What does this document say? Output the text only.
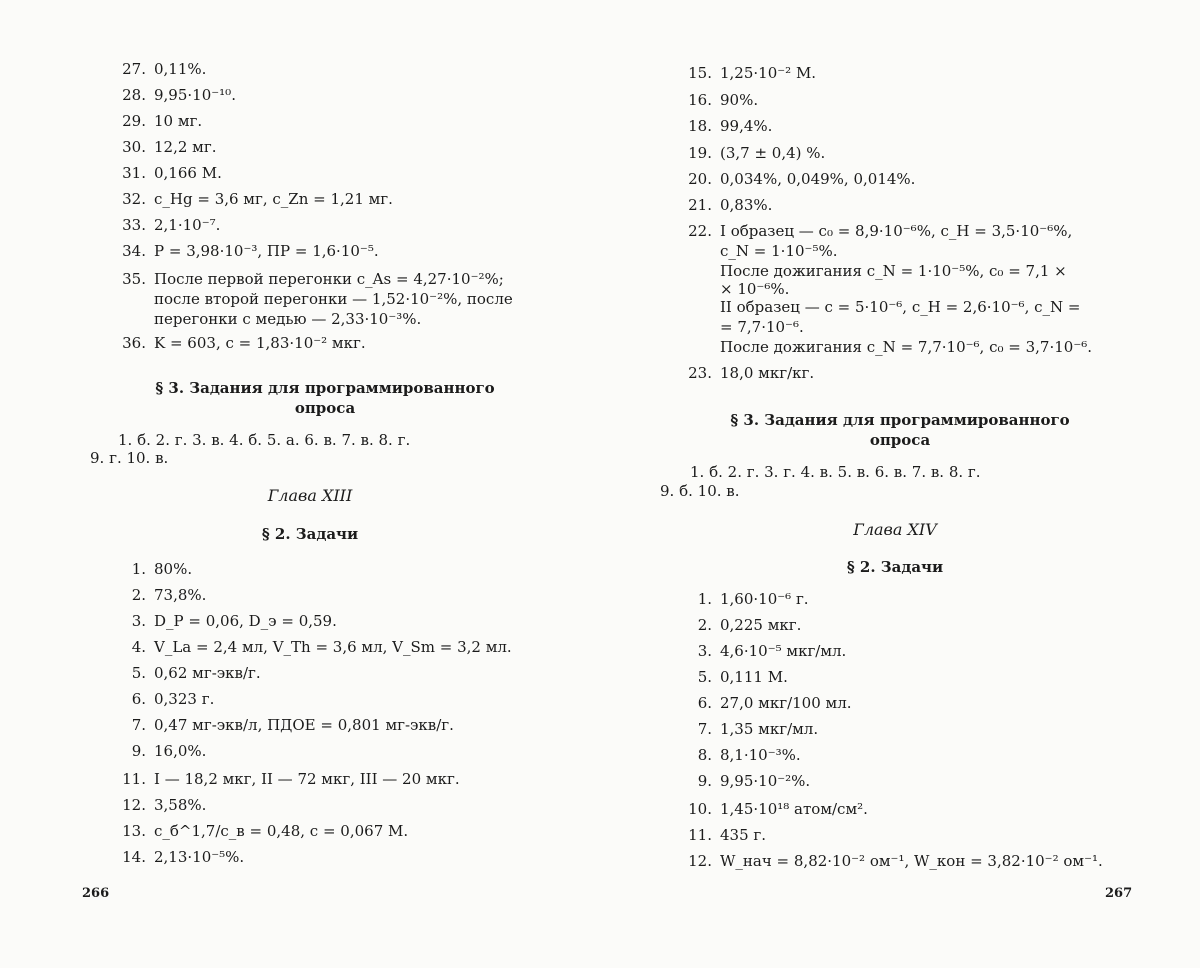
27. 0,11%.
28. 9,95·10⁻¹⁰.
29. 10 мг.
30. 12,2 мг.
31. 0,166 М.
32. c_Hg = 3,6 мг, c_Zn = 1,21 мг.
33. 2,1·10⁻⁷.
34. P = 3,98·10⁻³, ПР = 1,6·10⁻⁵.
35. После первой перегонки c_As = 4,27·10⁻²%;
после второй перегонки — 1,52·10⁻²%, после
перегонки с медью — 2,33·10⁻³%.
36. K = 603, c = 1,83·10⁻² мкг.
§ 3. Задания для программированного
опроса
1. б. 2. г. 3. в. 4. б. 5. а. 6. в. 7. в. 8. г.
9. г. 10. в.
Глава XIII
§ 2. Задачи
1. 80%.
2. 73,8%.
3. D_P = 0,06, D_э = 0,59.
4. V_La = 2,4 мл, V_Th = 3,6 мл, V_Sm = 3,2 мл.
5. 0,62 мг-экв/г.
6. 0,323 г.
7. 0,47 мг-экв/л, ПДОЕ = 0,801 мг-экв/г.
9. 16,0%.
11. I — 18,2 мкг, II — 72 мкг, III — 20 мкг.
12. 3,58%.
13. c_б^1,7/c_в = 0,48, c = 0,067 М.
14. 2,13·10⁻⁵%.
266
15. 1,25·10⁻² М.
16. 90%.
18. 99,4%.
19. (3,7 ± 0,4) %.
20. 0,034%, 0,049%, 0,014%.
21. 0,83%.
22. I образец — c₀ = 8,9·10⁻⁶%, c_H = 3,5·10⁻⁶%,
c_N = 1·10⁻⁵%.
После дожигания c_N = 1·10⁻⁵%, c₀ = 7,1 ×
× 10⁻⁶%.
II образец — c = 5·10⁻⁶, c_H = 2,6·10⁻⁶, c_N =
= 7,7·10⁻⁶.
После дожигания c_N = 7,7·10⁻⁶, c₀ = 3,7·10⁻⁶.
23. 18,0 мкг/кг.
§ 3. Задания для программированного
опроса
1. б. 2. г. 3. г. 4. в. 5. в. 6. в. 7. в. 8. г.
9. б. 10. в.
Глава XIV
§ 2. Задачи
1. 1,60·10⁻⁶ г.
2. 0,225 мкг.
3. 4,6·10⁻⁵ мкг/мл.
5. 0,111 М.
6. 27,0 мкг/100 мл.
7. 1,35 мкг/мл.
8. 8,1·10⁻³%.
9. 9,95·10⁻²%.
10. 1,45·10¹⁸ атом/см².
11. 435 г.
12. W_нач = 8,82·10⁻² ом⁻¹, W_кон = 3,82·10⁻² ом⁻¹.
267
